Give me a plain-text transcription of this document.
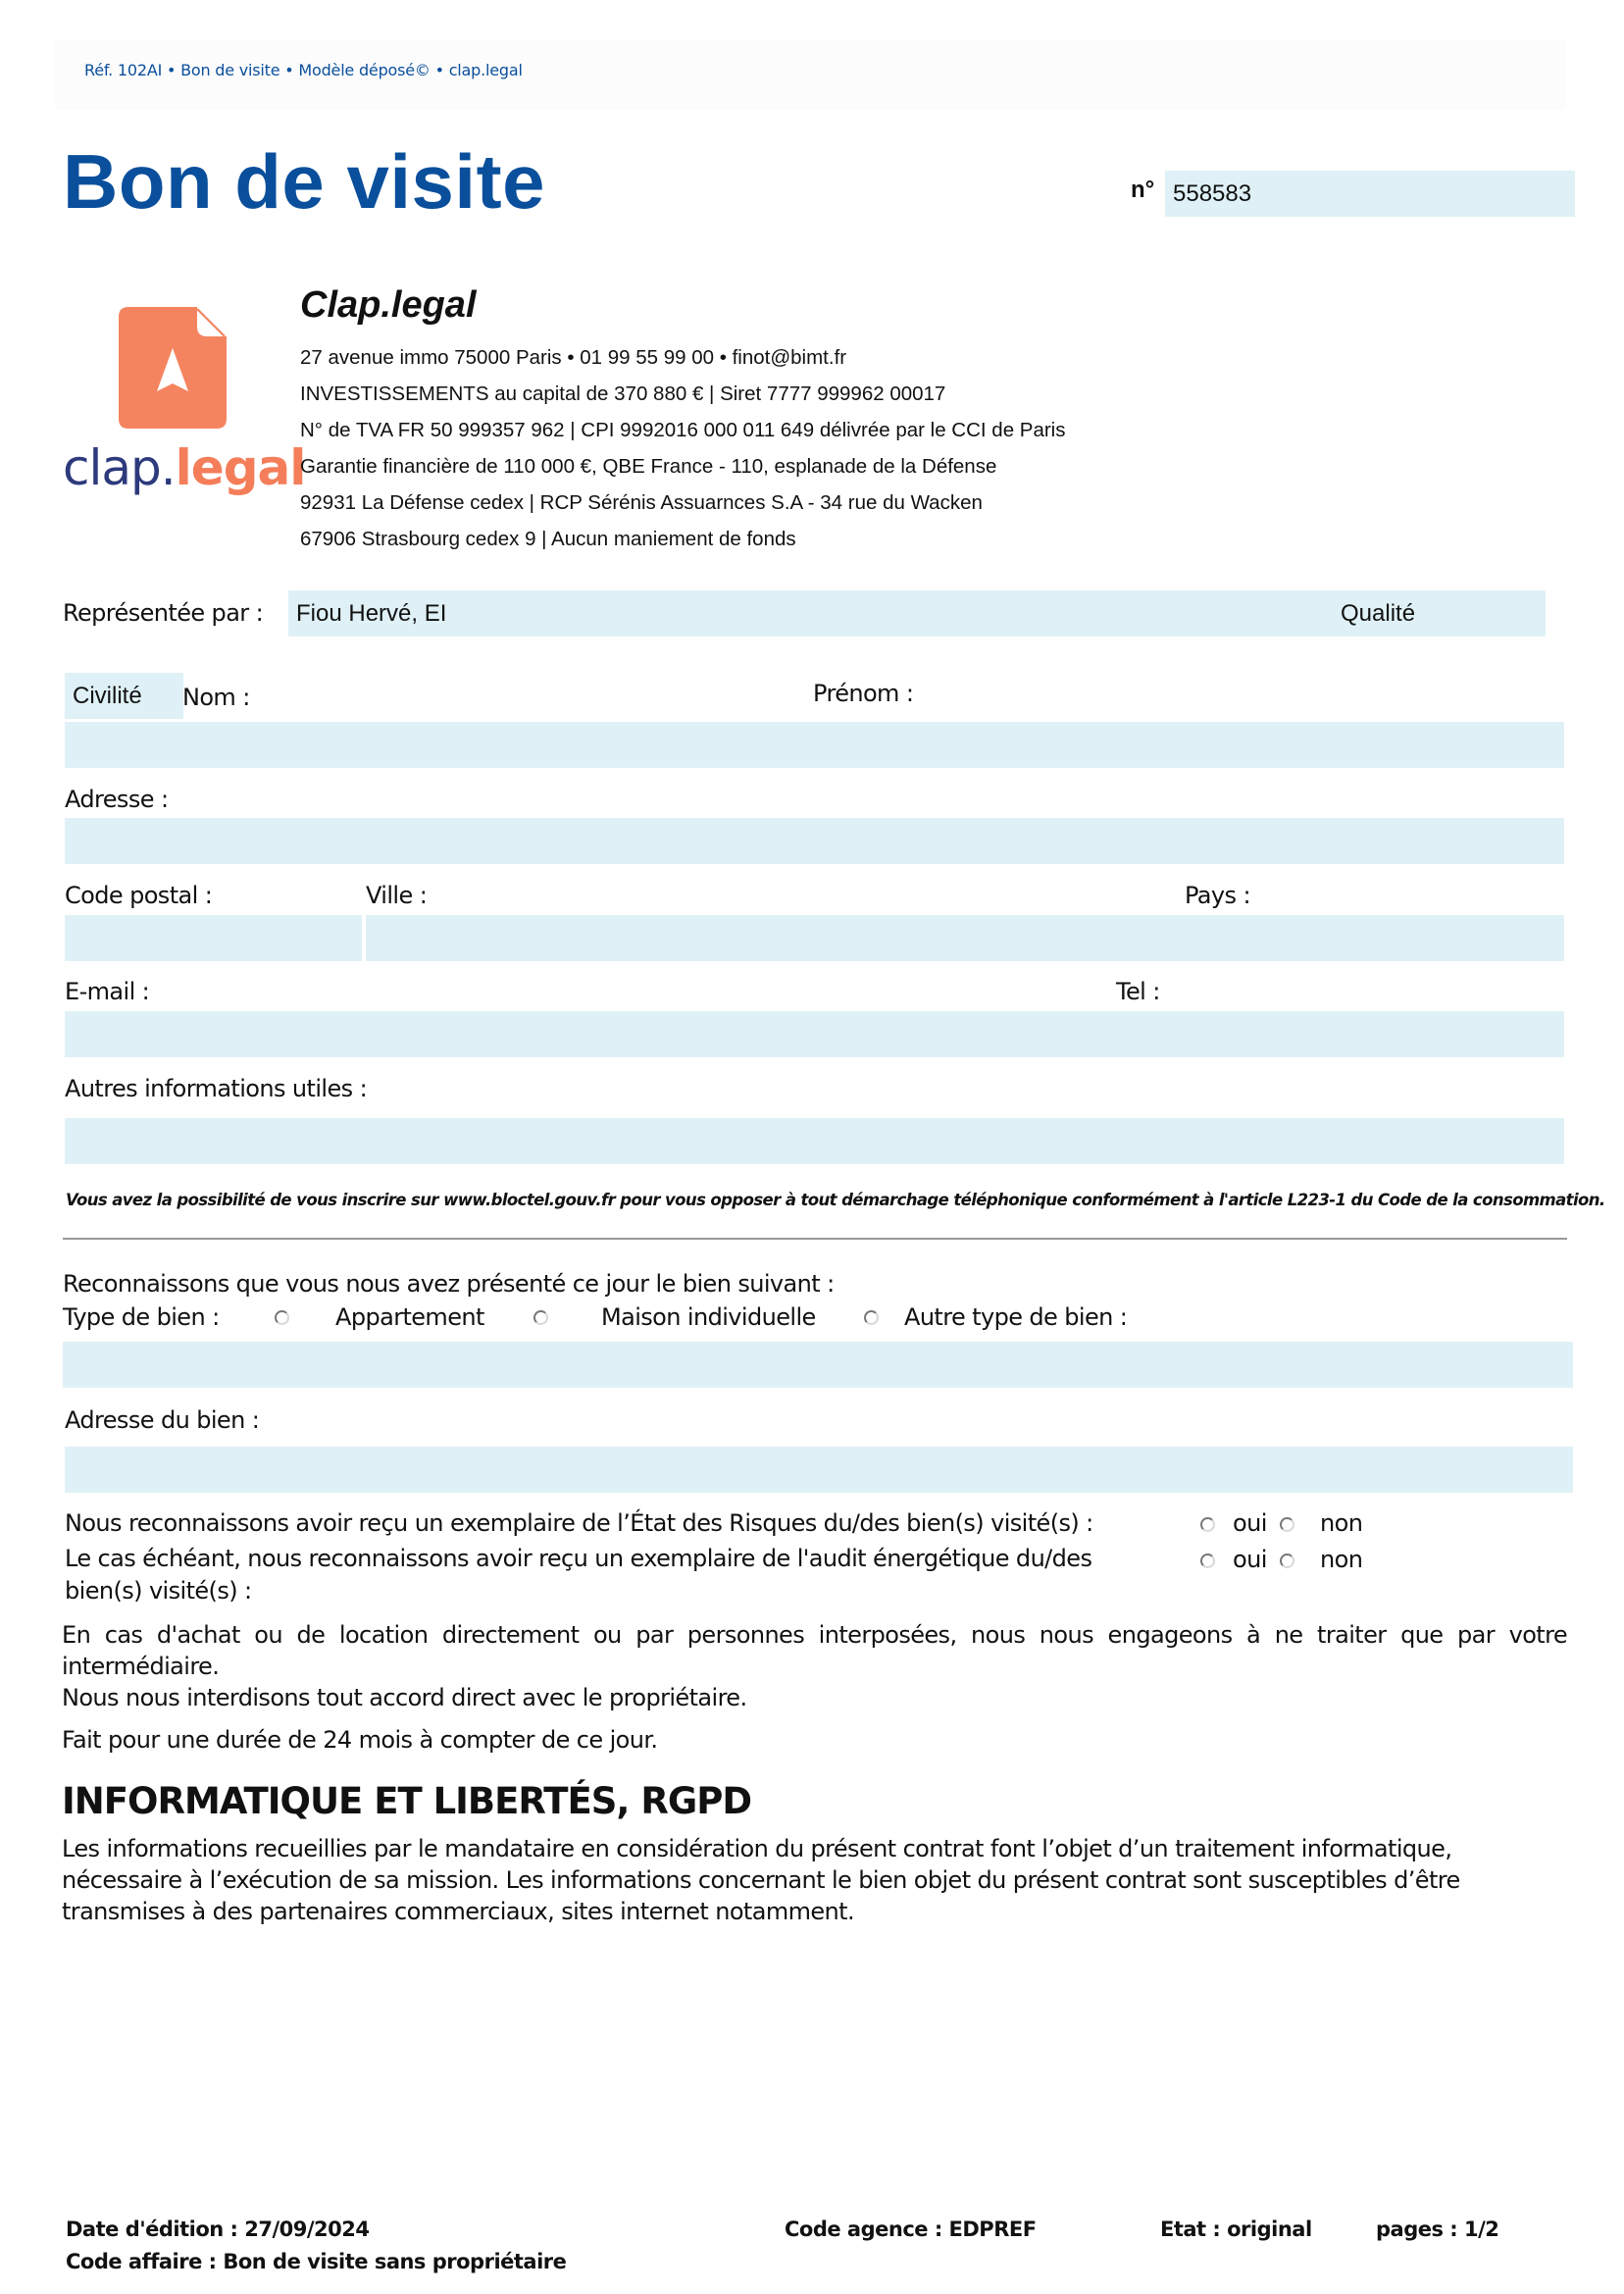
Réf. 102AI • Bon de visite • Modèle déposé© • clap.legal
Bon de visite	n° 558583
clap.legal
Clap.legal
27 avenue immo 75000 Paris • 01 99 55 99 00 • finot@bimt.fr
INVESTISSEMENTS au capital de 370 880 € | Siret 7777 999962 00017
N° de TVA FR 50 999357 962 | CPI 9992016 000 011 649 délivrée par le CCI de Paris
Garantie financière de 110 000 €, QBE France - 110, esplanade de la Défense
92931 La Défense cedex | RCP Sérénis Assuarnces S.A - 34 rue du Wacken
67906 Strasbourg cedex 9 | Aucun maniement de fonds
Représentée par :	Fiou Hervé, EI	Qualité
Civilité	Nom :	Prénom :
Adresse :
Code postal :	Ville :	Pays :
E-mail :	Tel :
Autres informations utiles :
Vous avez la possibilité de vous inscrire sur www.bloctel.gouv.fr pour vous opposer à tout démarchage téléphonique conformément à l'article L223-1 du Code de la consommation.
Reconnaissons que vous nous avez présenté ce jour le bien suivant :
Type de bien :	Appartement	Maison individuelle	Autre type de bien :
Adresse du bien :
Nous reconnaissons avoir reçu un exemplaire de l’État des Risques du/des bien(s) visité(s) :	oui non
Le cas échéant, nous reconnaissons avoir reçu un exemplaire de l'audit énergétique du/des
bien(s) visité(s) :
oui non
En cas d'achat ou de location directement ou par personnes interposées, nous nous engageons à ne traiter que par votre
intermédiaire.
Nous nous interdisons tout accord direct avec le propriétaire.
Fait pour une durée de 24 mois à compter de ce jour.
INFORMATIQUE ET LIBERTÉS, RGPD
Les informations recueillies par le mandataire en considération du présent contrat font l’objet d’un traitement informatique,
nécessaire à l’exécution de sa mission. Les informations concernant le bien objet du présent contrat sont susceptibles d’être
transmises à des partenaires commerciaux, sites internet notamment.
Date d'édition : 27/09/2024	Code agence : EDPREF	Etat : original	pages : 1/2
Code affaire : Bon de visite sans propriétaire
